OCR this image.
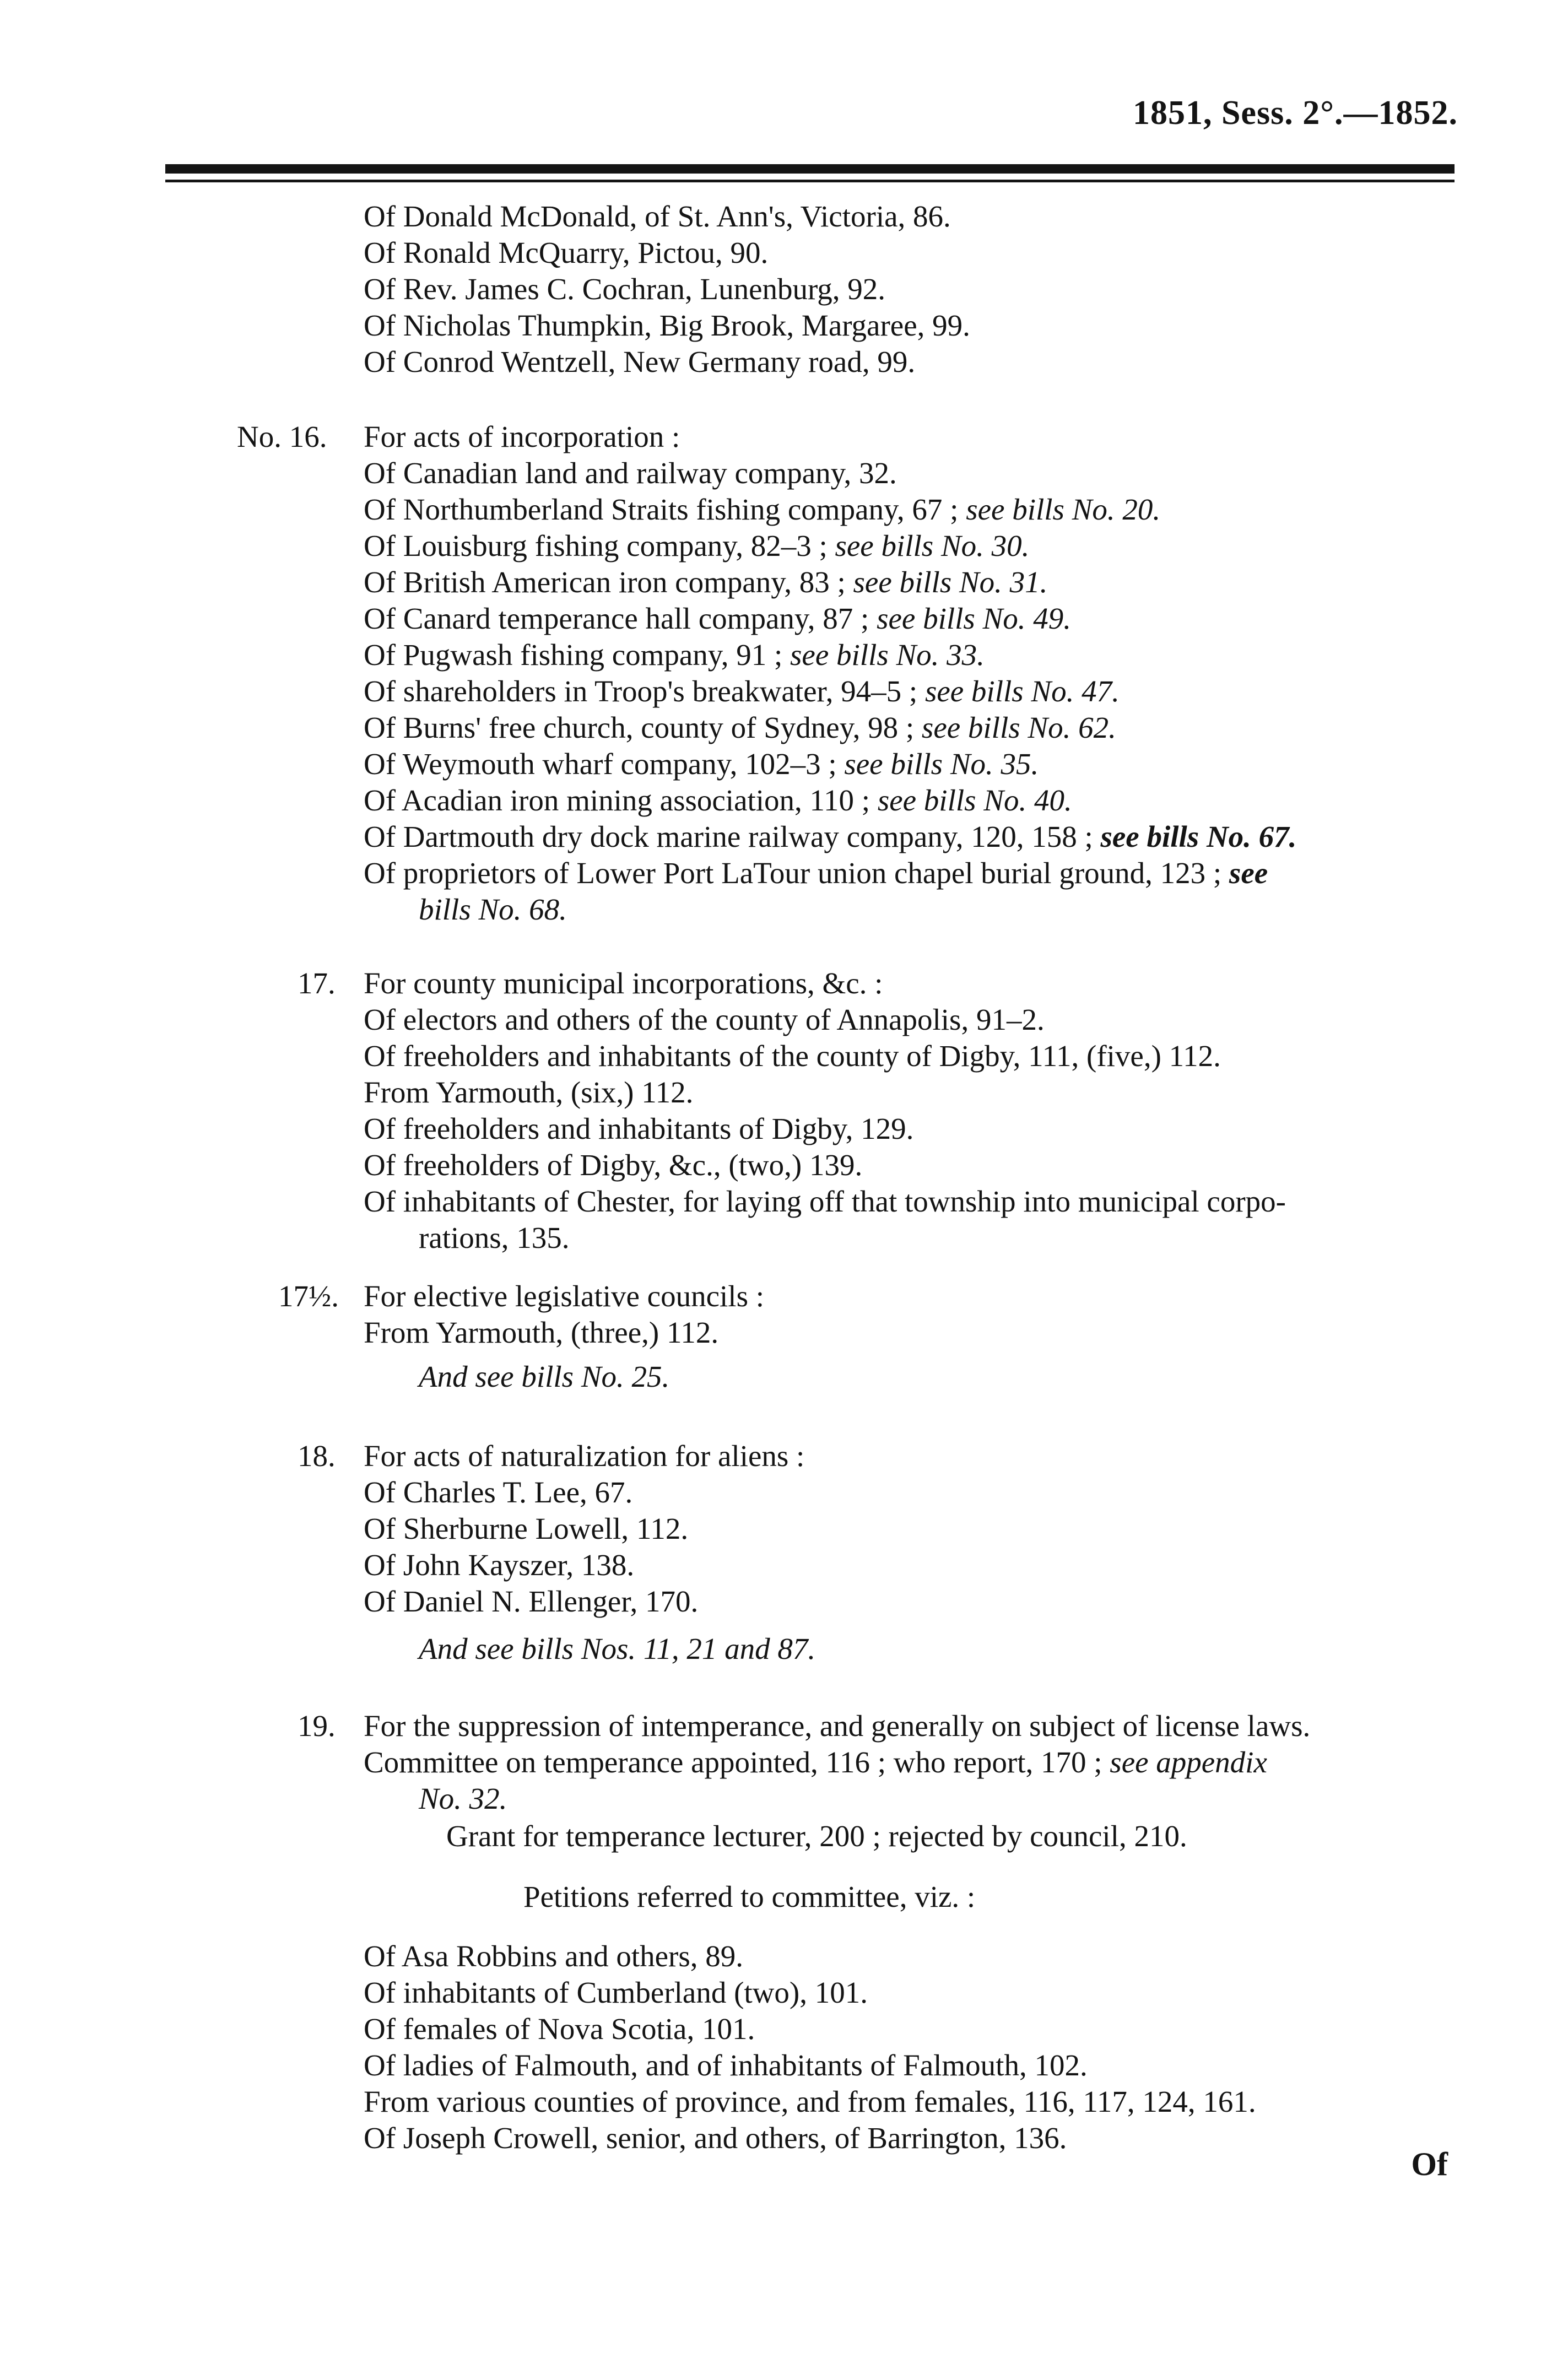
1851, Sess. 2°.—1852.
Of Donald McDonald, of St. Ann's, Victoria, 86.
Of Ronald McQuarry, Pictou, 90.
Of Rev. James C. Cochran, Lunenburg, 92.
Of Nicholas Thumpkin, Big Brook, Margaree, 99.
Of Conrod Wentzell, New Germany road, 99.
No. 16. For acts of incorporation :
Of Canadian land and railway company, 32.
Of Northumberland Straits fishing company, 67 ; see bills No. 20.
Of Louisburg fishing company, 82–3 ; see bills No. 30.
Of British American iron company, 83 ; see bills No. 31.
Of Canard temperance hall company, 87 ; see bills No. 49.
Of Pugwash fishing company, 91 ; see bills No. 33.
Of shareholders in Troop's breakwater, 94–5 ; see bills No. 47.
Of Burns' free church, county of Sydney, 98 ; see bills No. 62.
Of Weymouth wharf company, 102–3 ; see bills No. 35.
Of Acadian iron mining association, 110 ; see bills No. 40.
Of Dartmouth dry dock marine railway company, 120, 158 ; see bills No. 67.
Of proprietors of Lower Port LaTour union chapel burial ground, 123 ; see
bills No. 68.
17. For county municipal incorporations, &c. :
Of electors and others of the county of Annapolis, 91–2.
Of freeholders and inhabitants of the county of Digby, 111, (five,) 112.
From Yarmouth, (six,) 112.
Of freeholders and inhabitants of Digby, 129.
Of freeholders of Digby, &c., (two,) 139.
Of inhabitants of Chester, for laying off that township into municipal corpo-
rations, 135.
17½. For elective legislative councils :
From Yarmouth, (three,) 112.
And see bills No. 25.
18. For acts of naturalization for aliens :
Of Charles T. Lee, 67.
Of Sherburne Lowell, 112.
Of John Kayszer, 138.
Of Daniel N. Ellenger, 170.
And see bills Nos. 11, 21 and 87.
19. For the suppression of intemperance, and generally on subject of license laws.
Committee on temperance appointed, 116 ; who report, 170 ; see appendix
No. 32.
Grant for temperance lecturer, 200 ; rejected by council, 210.
Petitions referred to committee, viz. :
Of Asa Robbins and others, 89.
Of inhabitants of Cumberland (two), 101.
Of females of Nova Scotia, 101.
Of ladies of Falmouth, and of inhabitants of Falmouth, 102.
From various counties of province, and from females, 116, 117, 124, 161.
Of Joseph Crowell, senior, and others, of Barrington, 136.
Of
